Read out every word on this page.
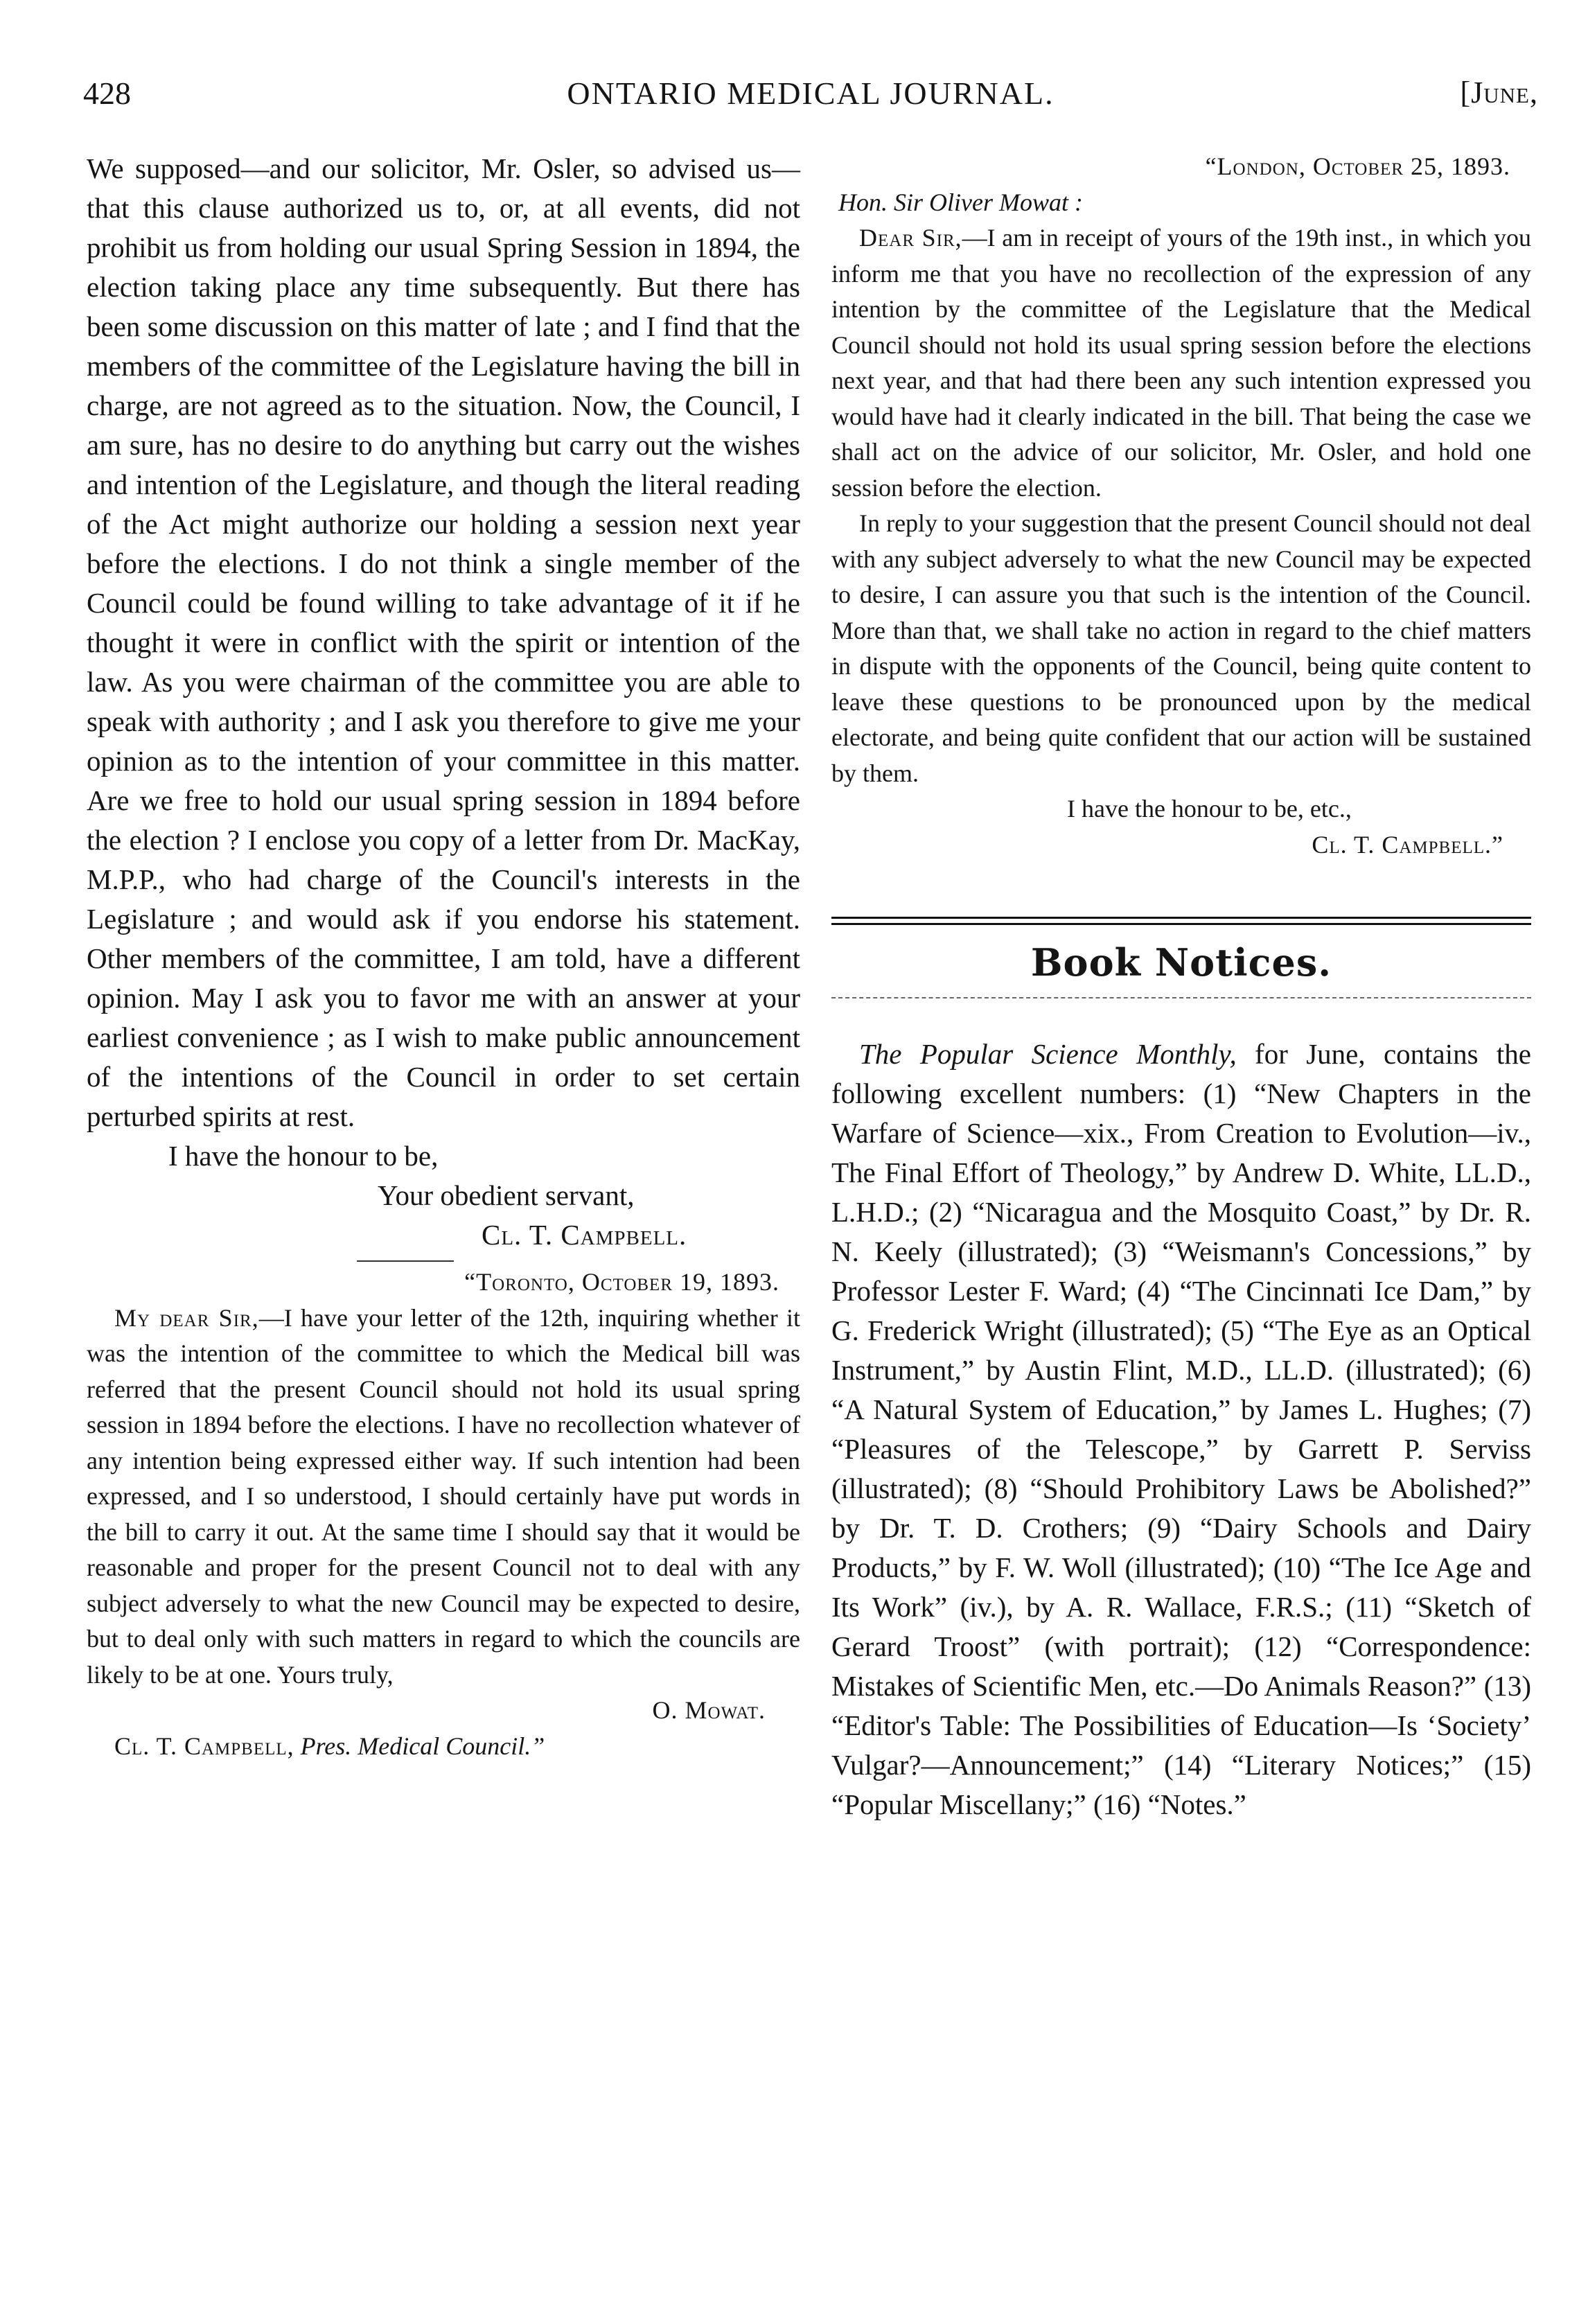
428	ONTARIO MEDICAL JOURNAL.	[June,

We supposed—and our solicitor, Mr. Osler, so advised us—that this clause authorized us to, or, at all events, did not prohibit us from holding our usual Spring Session in 1894, the election taking place any time subsequently. But there has been some discussion on this matter of late ; and I find that the members of the committee of the Legislature having the bill in charge, are not agreed as to the situation. Now, the Council, I am sure, has no desire to do anything but carry out the wishes and intention of the Legislature, and though the literal reading of the Act might authorize our holding a session next year before the elections. I do not think a single member of the Council could be found willing to take advantage of it if he thought it were in conflict with the spirit or intention of the law. As you were chairman of the committee you are able to speak with authority ; and I ask you therefore to give me your opinion as to the intention of your committee in this matter. Are we free to hold our usual spring session in 1894 before the election ? I enclose you copy of a letter from Dr. MacKay, M.P.P., who had charge of the Council's interests in the Legislature ; and would ask if you endorse his statement. Other members of the committee, I am told, have a different opinion. May I ask you to favor me with an answer at your earliest convenience ; as I wish to make public announcement of the intentions of the Council in order to set certain perturbed spirits at rest.

I have the honour to be,

Your obedient servant,

Cl. T. Campbell.

“Toronto, October 19, 1893.

My dear Sir,—I have your letter of the 12th, inquiring whether it was the intention of the committee to which the Medical bill was referred that the present Council should not hold its usual spring session in 1894 before the elections. I have no recollection whatever of any intention being expressed either way. If such intention had been expressed, and I so understood, I should certainly have put words in the bill to carry it out. At the same time I should say that it would be reasonable and proper for the present Council not to deal with any subject adversely to what the new Council may be expected to desire, but to deal only with such matters in regard to which the councils are likely to be at one. Yours truly,

O. Mowat.

Cl. T. Campbell, Pres. Medical Council.”

“London, October 25, 1893.

Hon. Sir Oliver Mowat :

Dear Sir,—I am in receipt of yours of the 19th inst., in which you inform me that you have no recollection of the expression of any intention by the committee of the Legislature that the Medical Council should not hold its usual spring session before the elections next year, and that had there been any such intention expressed you would have had it clearly indicated in the bill. That being the case we shall act on the advice of our solicitor, Mr. Osler, and hold one session before the election.

In reply to your suggestion that the present Council should not deal with any subject adversely to what the new Council may be expected to desire, I can assure you that such is the intention of the Council. More than that, we shall take no action in regard to the chief matters in dispute with the opponents of the Council, being quite content to leave these questions to be pronounced upon by the medical electorate, and being quite confident that our action will be sustained by them.

I have the honour to be, etc.,

Cl. T. Campbell.”

Book Notices.

The Popular Science Monthly, for June, contains the following excellent numbers: (1) “New Chapters in the Warfare of Science—xix., From Creation to Evolution—iv., The Final Effort of Theology,” by Andrew D. White, LL.D., L.H.D.; (2) “Nicaragua and the Mosquito Coast,” by Dr. R. N. Keely (illustrated); (3) “Weismann's Concessions,” by Professor Lester F. Ward; (4) “The Cincinnati Ice Dam,” by G. Frederick Wright (illustrated); (5) “The Eye as an Optical Instrument,” by Austin Flint, M.D., LL.D. (illustrated); (6) “A Natural System of Education,” by James L. Hughes; (7) “Pleasures of the Telescope,” by Garrett P. Serviss (illustrated); (8) “Should Prohibitory Laws be Abolished?” by Dr. T. D. Crothers; (9) “Dairy Schools and Dairy Products,” by F. W. Woll (illustrated); (10) “The Ice Age and Its Work” (iv.), by A. R. Wallace, F.R.S.; (11) “Sketch of Gerard Troost” (with portrait); (12) “Correspondence: Mistakes of Scientific Men, etc.—Do Animals Reason?” (13) “Editor's Table: The Possibilities of Education—Is ‘Society’ Vulgar?—Announcement;” (14) “Literary Notices;” (15) “Popular Miscellany;” (16) “Notes.”
